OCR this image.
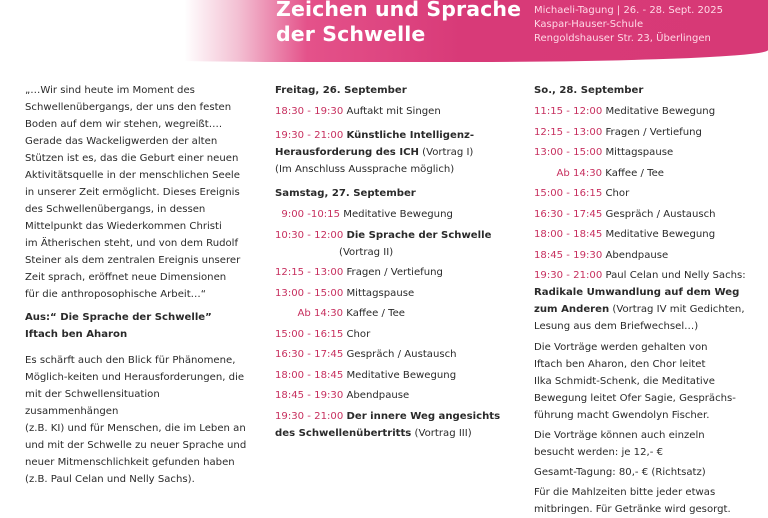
Zeichen und Sprache
der Schwelle
Michaeli-Tagung | 26. - 28. Sept. 2025
Kaspar-Hauser-Schule
Rengoldshauser Str. 23, Überlingen
„…Wir sind heute im Moment des
Schwellenübergangs, der uns den festen
Boden auf dem wir stehen, wegreißt….
Gerade das Wackeligwerden der alten
Stützen ist es, das die Geburt einer neuen
Aktivitätsquelle in der menschlichen Seele
in unserer Zeit ermöglicht. Dieses Ereignis
des Schwellenübergangs, in dessen
Mittelpunkt das Wiederkommen Christi
im Ätherischen steht, und von dem Rudolf
Steiner als dem zentralen Ereignis unserer
Zeit sprach, eröffnet neue Dimensionen
für die anthroposophische Arbeit…“
Aus:“ Die Sprache der Schwelle”
Iftach ben Aharon
Es schärft auch den Blick für Phänomene,
Möglich-keiten und Herausforderungen, die
mit der Schwellensituation zusammenhängen
(z.B. KI) und für Menschen, die im Leben an
und mit der Schwelle zu neuer Sprache und
neuer Mitmenschlichkeit gefunden haben
(z.B. Paul Celan und Nelly Sachs).
Freitag, 26. September
18:30 - 19:30 Auftakt mit Singen
19:30 - 21:00 Künstliche Intelligenz-Herausforderung des ICH (Vortrag I)
(Im Anschluss Aussprache möglich)
Samstag, 27. September
9:00 -10:15 Meditative Bewegung
10:30 - 12:00 Die Sprache der Schwelle
(Vortrag II)
12:15 - 13:00 Fragen / Vertiefung
13:00 - 15:00 Mittagspause
Ab 14:30 Kaffee / Tee
15:00 - 16:15 Chor
16:30 - 17:45 Gespräch / Austausch
18:00 - 18:45 Meditative Bewegung
18:45 - 19:30 Abendpause
19:30 - 21:00 Der innere Weg angesichts des Schwellenübertritts (Vortrag III)
So., 28. September
11:15 - 12:00 Meditative Bewegung
12:15 - 13:00 Fragen / Vertiefung
13:00 - 15:00 Mittagspause
Ab 14:30 Kaffee / Tee
15:00 - 16:15 Chor
16:30 - 17:45 Gespräch / Austausch
18:00 - 18:45 Meditative Bewegung
18:45 - 19:30 Abendpause
19:30 - 21:00 Paul Celan und Nelly Sachs: Radikale Umwandlung auf dem Weg zum Anderen (Vortrag IV mit Gedichten, Lesung aus dem Briefwechsel…)
Die Vorträge werden gehalten von
Iftach ben Aharon, den Chor leitet
Ilka Schmidt-Schenk, die Meditative
Bewegung leitet Ofer Sagie, Gesprächs-
führung macht Gwendolyn Fischer.
Die Vorträge können auch einzeln
besucht werden: je 12,- €
Gesamt-Tagung: 80,- € (Richtsatz)
Für die Mahlzeiten bitte jeder etwas
mitbringen. Für Getränke wird gesorgt.
